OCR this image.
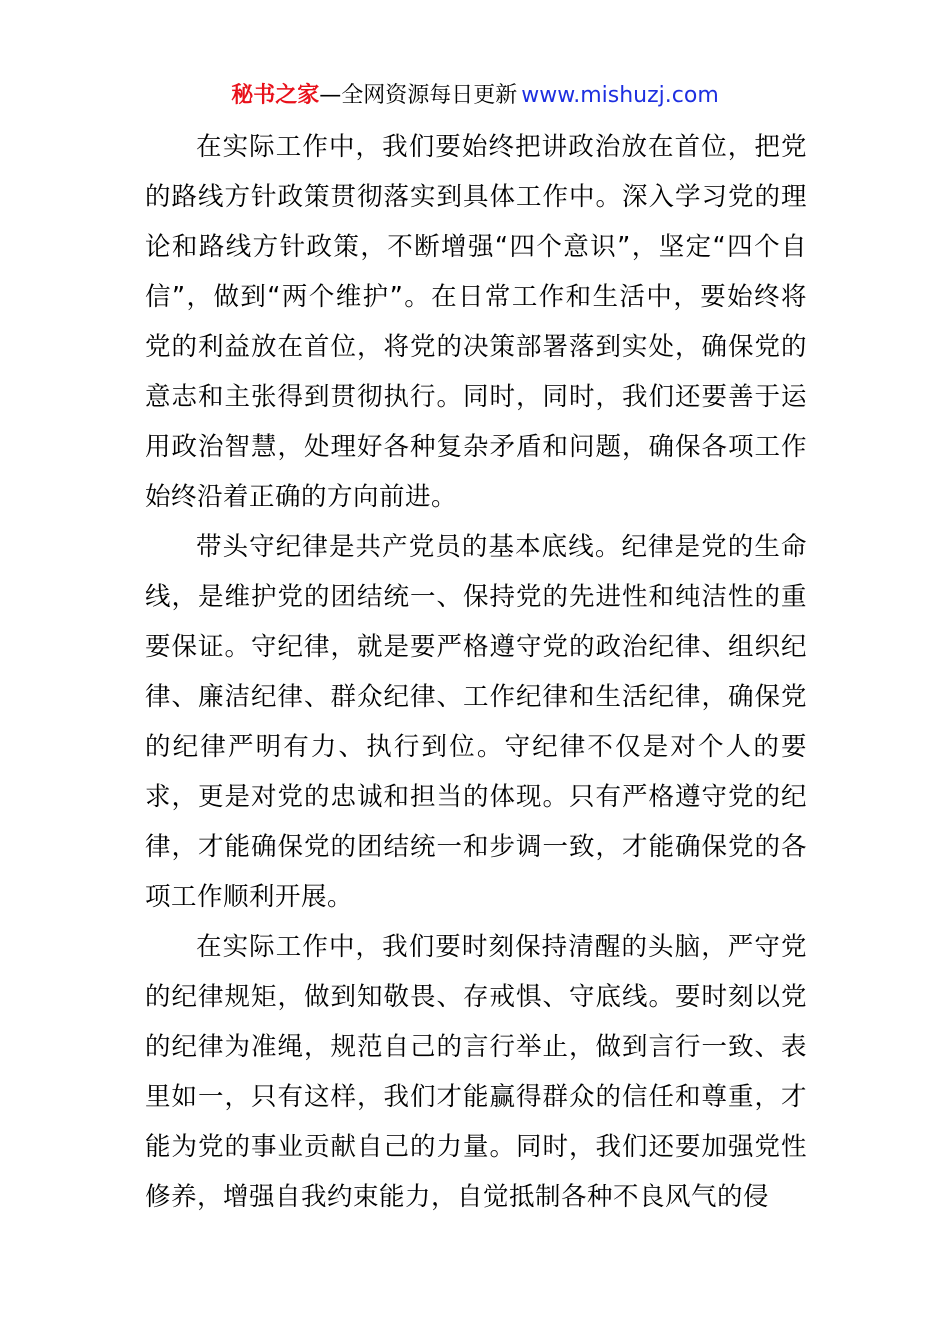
秘书之家—全网资源每日更新 www.mishuzj.com

在实际工作中，我们要始终把讲政治放在首位，把党的路线方针政策贯彻落实到具体工作中。深入学习党的理论和路线方针政策，不断增强“四个意识”，坚定“四个自信”，做到“两个维护”。在日常工作和生活中，要始终将党的利益放在首位，将党的决策部署落到实处，确保党的意志和主张得到贯彻执行。同时，同时，我们还要善于运用政治智慧，处理好各种复杂矛盾和问题，确保各项工作始终沿着正确的方向前进。

带头守纪律是共产党员的基本底线。纪律是党的生命线，是维护党的团结统一、保持党的先进性和纯洁性的重要保证。守纪律，就是要严格遵守党的政治纪律、组织纪律、廉洁纪律、群众纪律、工作纪律和生活纪律，确保党的纪律严明有力、执行到位。守纪律不仅是对个人的要求，更是对党的忠诚和担当的体现。只有严格遵守党的纪律，才能确保党的团结统一和步调一致，才能确保党的各项工作顺利开展。

在实际工作中，我们要时刻保持清醒的头脑，严守党的纪律规矩，做到知敬畏、存戒惧、守底线。要时刻以党的纪律为准绳，规范自己的言行举止，做到言行一致、表里如一，只有这样，我们才能赢得群众的信任和尊重，才能为党的事业贡献自己的力量。同时，我们还要加强党性修养，增强自我约束能力，自觉抵制各种不良风气的侵
